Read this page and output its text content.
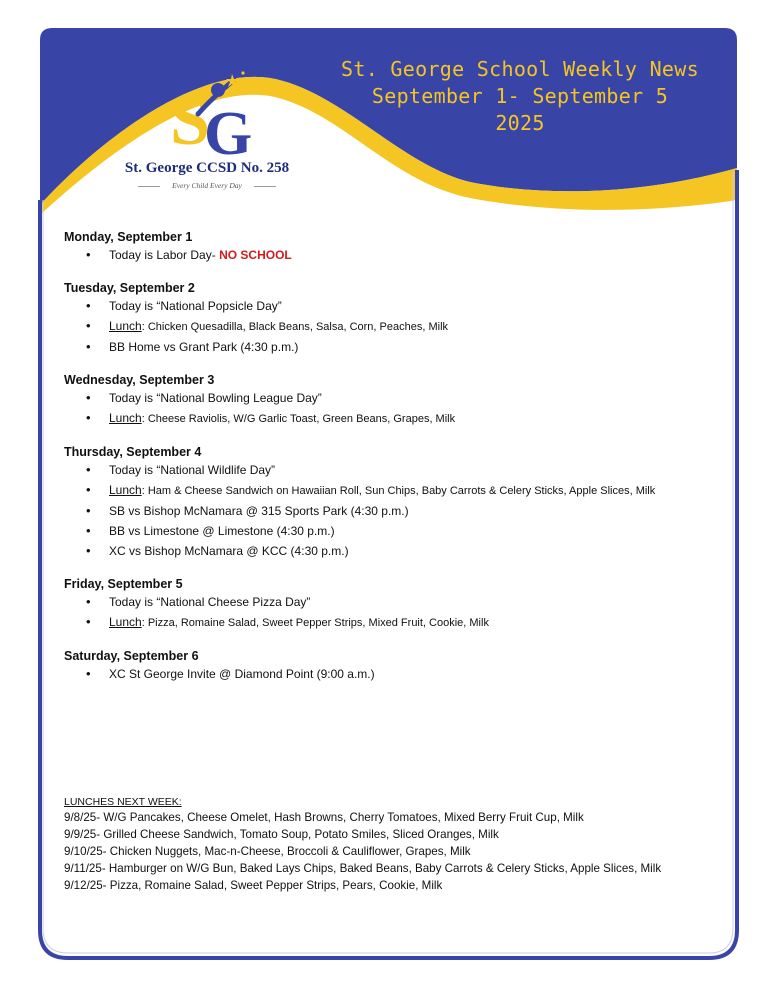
S
G
St. George CCSD No. 258
Every Child Every Day
St. George School Weekly News
September 1- September 5
2025
Monday, September 1
• Today is Labor Day- NO SCHOOL
Tuesday, September 2
• Today is “National Popsicle Day”
• Lunch: Chicken Quesadilla, Black Beans, Salsa, Corn, Peaches, Milk
• BB Home vs Grant Park (4:30 p.m.)
Wednesday, September 3
• Today is “National Bowling League Day”
• Lunch: Cheese Raviolis, W/G Garlic Toast, Green Beans, Grapes, Milk
Thursday, September 4
• Today is “National Wildlife Day”
• Lunch: Ham & Cheese Sandwich on Hawaiian Roll, Sun Chips, Baby Carrots & Celery Sticks, Apple Slices, Milk
• SB vs Bishop McNamara @ 315 Sports Park (4:30 p.m.)
• BB vs Limestone @ Limestone (4:30 p.m.)
• XC vs Bishop McNamara @ KCC (4:30 p.m.)
Friday, September 5
• Today is “National Cheese Pizza Day”
• Lunch: Pizza, Romaine Salad, Sweet Pepper Strips, Mixed Fruit, Cookie, Milk
Saturday, September 6
• XC St George Invite @ Diamond Point (9:00 a.m.)
LUNCHES NEXT WEEK:
9/8/25- W/G Pancakes, Cheese Omelet, Hash Browns, Cherry Tomatoes, Mixed Berry Fruit Cup, Milk
9/9/25- Grilled Cheese Sandwich, Tomato Soup, Potato Smiles, Sliced Oranges, Milk
9/10/25- Chicken Nuggets, Mac-n-Cheese, Broccoli & Cauliflower, Grapes, Milk
9/11/25- Hamburger on W/G Bun, Baked Lays Chips, Baked Beans, Baby Carrots & Celery Sticks, Apple Slices, Milk
9/12/25- Pizza, Romaine Salad, Sweet Pepper Strips, Pears, Cookie, Milk
